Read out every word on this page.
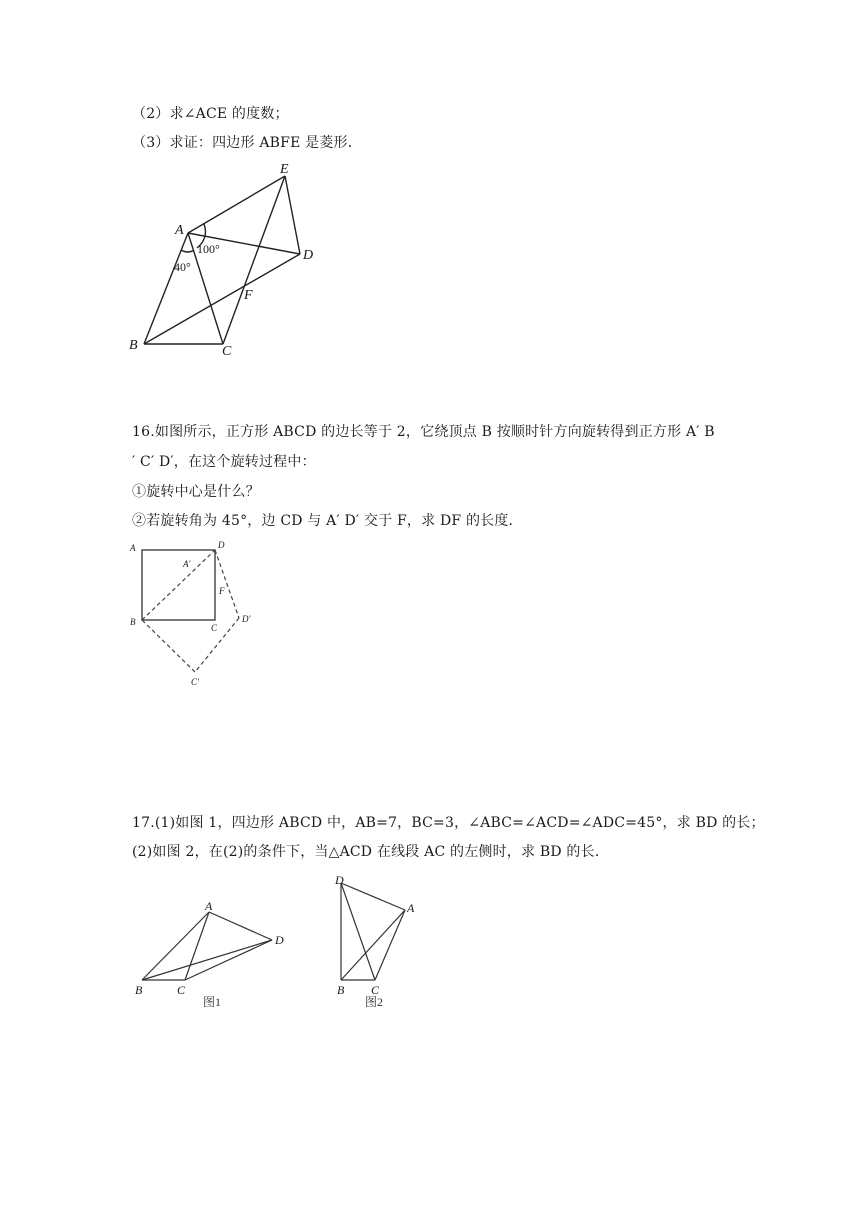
（2）求∠ACE 的度数；
（3）求证：四边形 ABFE 是菱形．
E
A
D
F
B	C
100°
40°
16.如图所示，正方形 ABCD 的边长等于 2，它绕顶点 B 按顺时针方向旋转得到正方形 A′ B
′ C′ D′，在这个旋转过程中：
①旋转中心是什么？
②若旋转角为 45°，边 CD 与 A′ D′ 交于 F，求 DF 的长度．
A	D
A'
F
B
C
D'
C'
17.(1)如图 1，四边形 ABCD 中，AB=7，BC=3，∠ABC=∠ACD=∠ADC=45°，求 BD 的长；
(2)如图 2，在(2)的条件下，当△ACD 在线段 AC 的左侧时，求 BD 的长．
A
D
B	C
图1
D
A
B C
图2
